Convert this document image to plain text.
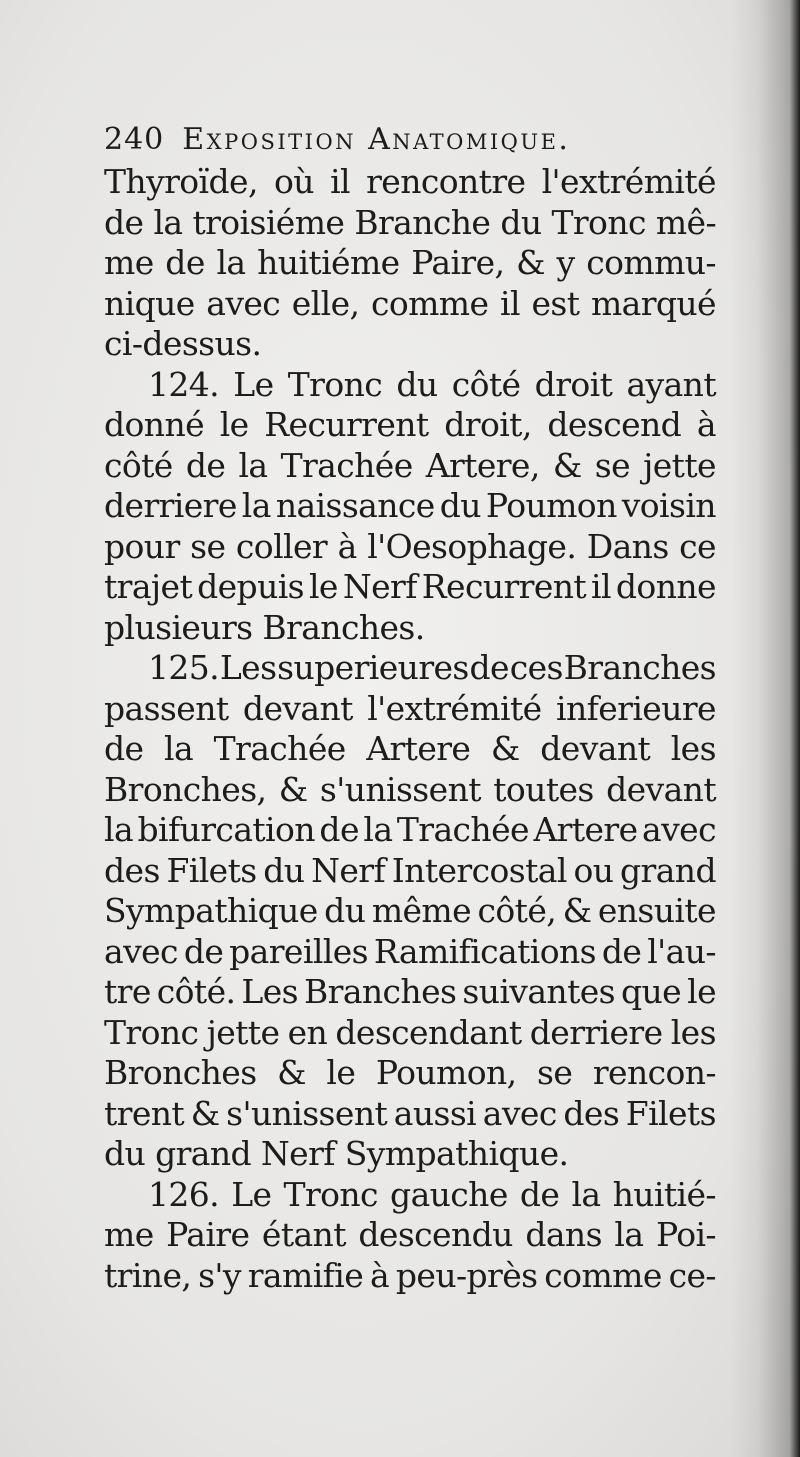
240 Exposition Anatomique.
Thyroïde, où il rencontre l'extrémité
de la troisiéme Branche du Tronc mê-
me de la huitiéme Paire, & y commu-
nique avec elle, comme il est marqué
ci-dessus.
124. Le Tronc du côté droit ayant
donné le Recurrent droit, descend à
côté de la Trachée Artere, & se jette
derriere la naissance du Poumon voisin
pour se coller à l'Oesophage. Dans ce
trajet depuis le Nerf Recurrent il donne
plusieurs Branches.
125. Les superieures de ces Branches
passent devant l'extrémité inferieure
de la Trachée Artere & devant les
Bronches, & s'unissent toutes devant
la bifurcation de la Trachée Artere avec
des Filets du Nerf Intercostal ou grand
Sympathique du même côté, & ensuite
avec de pareilles Ramifications de l'au-
tre côté. Les Branches suivantes que le
Tronc jette en descendant derriere les
Bronches & le Poumon, se rencon-
trent & s'unissent aussi avec des Filets
du grand Nerf Sympathique.
126. Le Tronc gauche de la huitié-
me Paire étant descendu dans la Poi-
trine, s'y ramifie à peu-près comme ce-
